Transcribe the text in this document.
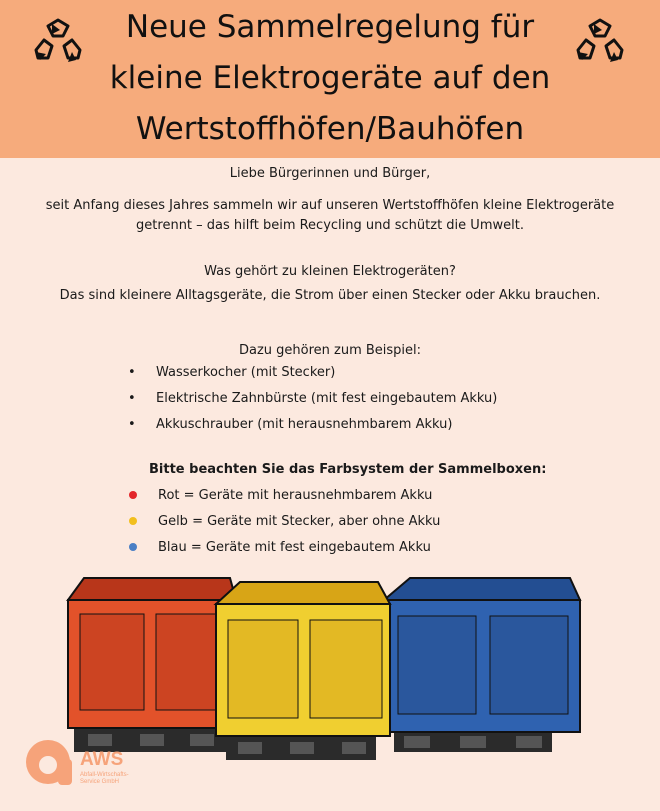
Neue Sammelregelung für
kleine Elektrogeräte auf den
Wertstoffhöfen/Bauhöfen
Liebe Bürgerinnen und Bürger,
seit Anfang dieses Jahres sammeln wir auf unseren Wertstoffhöfen kleine Elektrogeräte
getrennt – das hilft beim Recycling und schützt die Umwelt.
Was gehört zu kleinen Elektrogeräten?
Das sind kleinere Alltagsgeräte, die Strom über einen Stecker oder Akku brauchen.
Dazu gehören zum Beispiel:
•	Wasserkocher (mit Stecker)
•	Elektrische Zahnbürste (mit fest eingebautem Akku)
•	Akkuschrauber (mit herausnehmbarem Akku)
Bitte beachten Sie das Farbsystem der Sammelboxen:
Rot = Geräte mit herausnehmbarem Akku
Gelb = Geräte mit Stecker, aber ohne Akku
Blau = Geräte mit fest eingebautem Akku
AWS
Abfall-Wirtschafts-
Service GmbH
